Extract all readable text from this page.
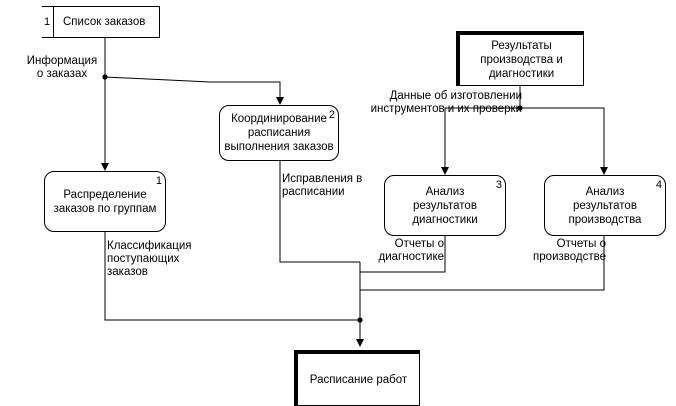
1 Список заказов
Результаты производства и диагностики
Расписание работ
1
Распределение заказов по группам
2
Координирование расписания выполнения заказов
3
Анализ результатов диагностики
4
Анализ результатов производства
Информация о заказах
Данные об изготовлении инструментов и их проверки
Классификация поступающих заказов
Исправления в расписании
Отчеты о диагностике
Отчеты о производстве
